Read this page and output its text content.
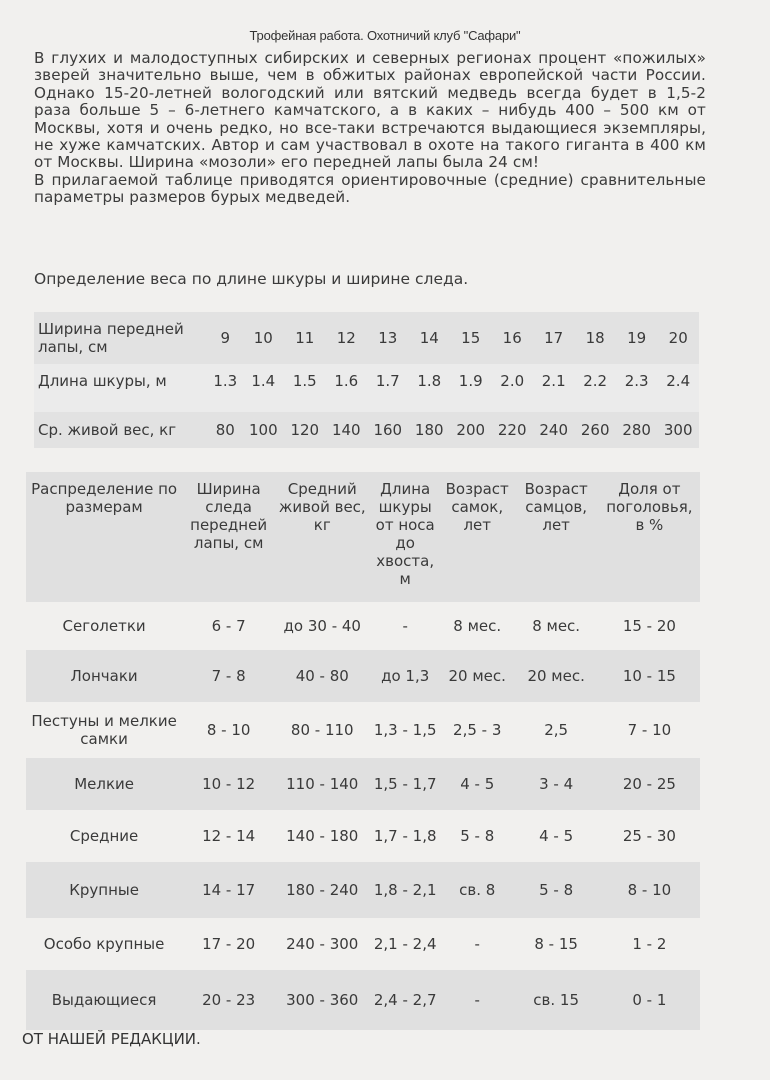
Трофейная работа. Охотничий клуб "Сафари"

В глухих и малодоступных сибирских и северных регионах процент «пожилых» зверей значительно выше, чем в обжитых районах европейской части России. Однако 15-20-летней вологодский или вятский медведь всегда будет в 1,5-2 раза больше 5 – 6-летнего камчатского, а в каких – нибудь 400 – 500 км от Москвы, хотя и очень редко, но все-таки встречаются выдающиеся экземпляры, не хуже камчатских. Автор и сам участвовал в охоте на такого гиганта в 400 км от Москвы. Ширина «мозоли» его передней лапы была 24 см!

В прилагаемой таблице приводятся ориентировочные (средние) сравнительные параметры размеров бурых медведей.

Определение веса по длине шкуры и ширине следа.
Ширина передней лапы, см	9	10	11	12	13	14	15	16	17	18	19	20
Длина шкуры, м	1.3	1.4	1.5	1.6	1.7	1.8	1.9	2.0	2.1	2.2	2.3	2.4
Ср. живой вес, кг	80	100	120	140	160	180	200	220	240	260	280	300
Распределение по размерам	Ширина следа передней лапы, см	Средний живой вес, кг	Длина шкуры от носа до хвоста, м	Возраст самок, лет	Возраст самцов, лет	Доля от поголовья, в %
Сеголетки	6 - 7	до 30 - 40	-	8 мес.	8 мес.	15 - 20
Лончаки	7 - 8	40 - 80	до 1,3	20 мес.	20 мес.	10 - 15
Пестуны и мелкие самки	8 - 10	80 - 110	1,3 - 1,5	2,5 - 3	2,5	7 - 10
Мелкие	10 - 12	110 - 140	1,5 - 1,7	4 - 5	3 - 4	20 - 25
Средние	12 - 14	140 - 180	1,7 - 1,8	5 - 8	4 - 5	25 - 30
Крупные	14 - 17	180 - 240	1,8 - 2,1	св. 8	5 - 8	8 - 10
Особо крупные	17 - 20	240 - 300	2,1 - 2,4	-	8 - 15	1 - 2
Выдающиеся	20 - 23	300 - 360	2,4 - 2,7	-	св. 15	0 - 1
ОТ НАШЕЙ РЕДАКЦИИ.
